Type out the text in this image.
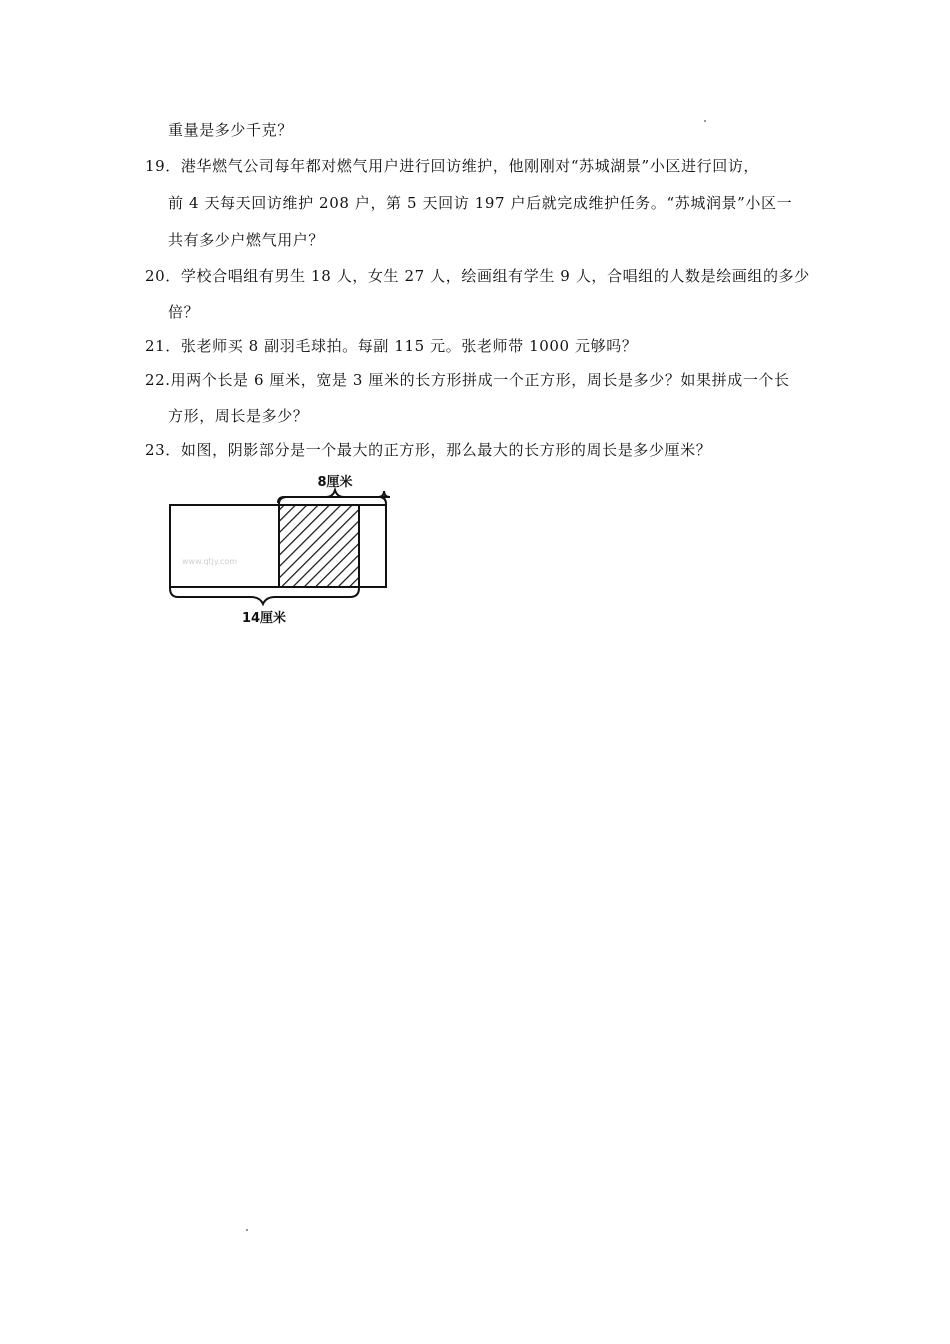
重量是多少千克？
19．港华燃气公司每年都对燃气用户进行回访维护，他刚刚对“苏城湖景”小区进行回访，
前 4 天每天回访维护 208 户，第 5 天回访 197 户后就完成维护任务。“苏城润景”小区一
共有多少户燃气用户？
20．学校合唱组有男生 18 人，女生 27 人，绘画组有学生 9 人，合唱组的人数是绘画组的多少
倍？
21．张老师买 8 副羽毛球拍。每副 115 元。张老师带 1000 元够吗？
22.用两个长是 6 厘米，宽是 3 厘米的长方形拼成一个正方形，周长是多少？如果拼成一个长
方形，周长是多少？
23．如图，阴影部分是一个最大的正方形，那么最大的长方形的周长是多少厘米？
8厘米
www.qtjy.com
14厘米
